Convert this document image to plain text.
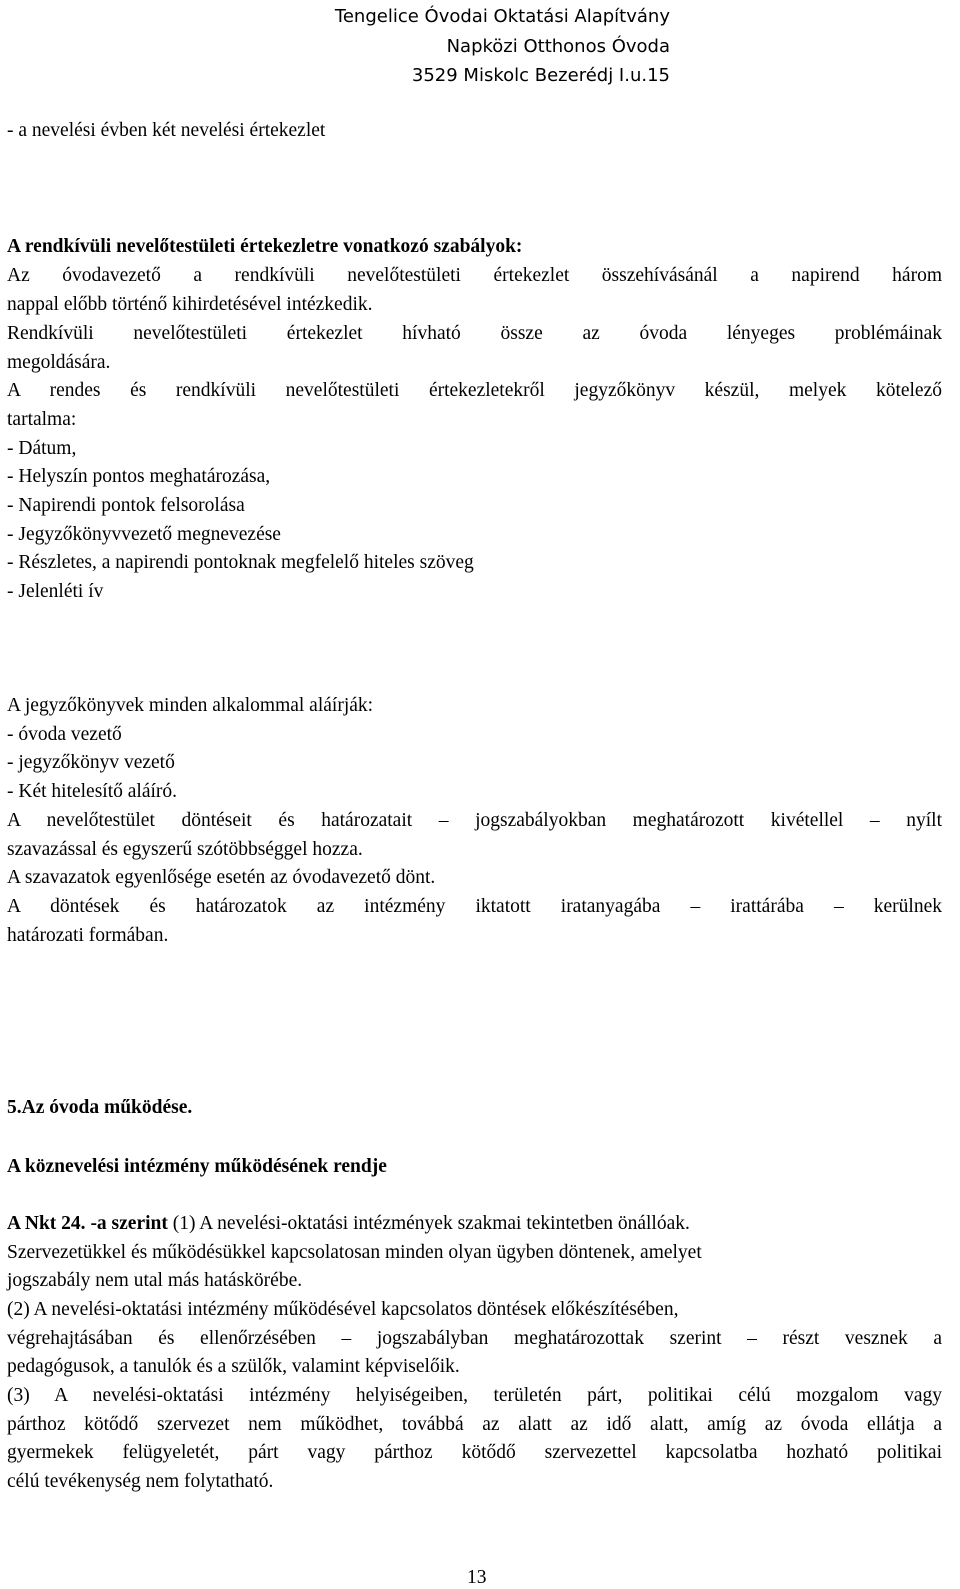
Tengelice Óvodai Oktatási Alapítvány
Napközi Otthonos Óvoda
3529 Miskolc Bezerédj I.u.15
- a nevelési évben két nevelési értekezlet
A rendkívüli nevelőtestületi értekezletre vonatkozó szabályok:
Az óvodavezető a rendkívüli nevelőtestületi értekezlet összehívásánál a napirend három
nappal előbb történő kihirdetésével intézkedik.
Rendkívüli nevelőtestületi értekezlet hívható össze az óvoda lényeges problémáinak
megoldására.
A rendes és rendkívüli nevelőtestületi értekezletekről jegyzőkönyv készül, melyek kötelező
tartalma:
- Dátum,
- Helyszín pontos meghatározása,
- Napirendi pontok felsorolása
- Jegyzőkönyvvezető megnevezése
- Részletes, a napirendi pontoknak megfelelő hiteles szöveg
- Jelenléti ív
A jegyzőkönyvek minden alkalommal aláírják:
- óvoda vezető
- jegyzőkönyv vezető
- Két hitelesítő aláíró.
A nevelőtestület döntéseit és határozatait – jogszabályokban meghatározott kivétellel – nyílt
szavazással és egyszerű szótöbbséggel hozza.
A szavazatok egyenlősége esetén az óvodavezető dönt.
A döntések és határozatok az intézmény iktatott iratanyagába – irattárába – kerülnek
határozati formában.
5.Az óvoda működése.
A köznevelési intézmény működésének rendje
A Nkt 24. -a szerint (1) A nevelési-oktatási intézmények szakmai tekintetben önállóak.
Szervezetükkel és működésükkel kapcsolatosan minden olyan ügyben döntenek, amelyet
jogszabály nem utal más hatáskörébe.
(2) A nevelési-oktatási intézmény működésével kapcsolatos döntések előkészítésében,
végrehajtásában és ellenőrzésében – jogszabályban meghatározottak szerint – részt vesznek a
pedagógusok, a tanulók és a szülők, valamint képviselőik.
(3) A nevelési-oktatási intézmény helyiségeiben, területén párt, politikai célú mozgalom vagy
párthoz kötődő szervezet nem működhet, továbbá az alatt az idő alatt, amíg az óvoda ellátja a
gyermekek felügyeletét, párt vagy párthoz kötődő szervezettel kapcsolatba hozható politikai
célú tevékenység nem folytatható.
13
